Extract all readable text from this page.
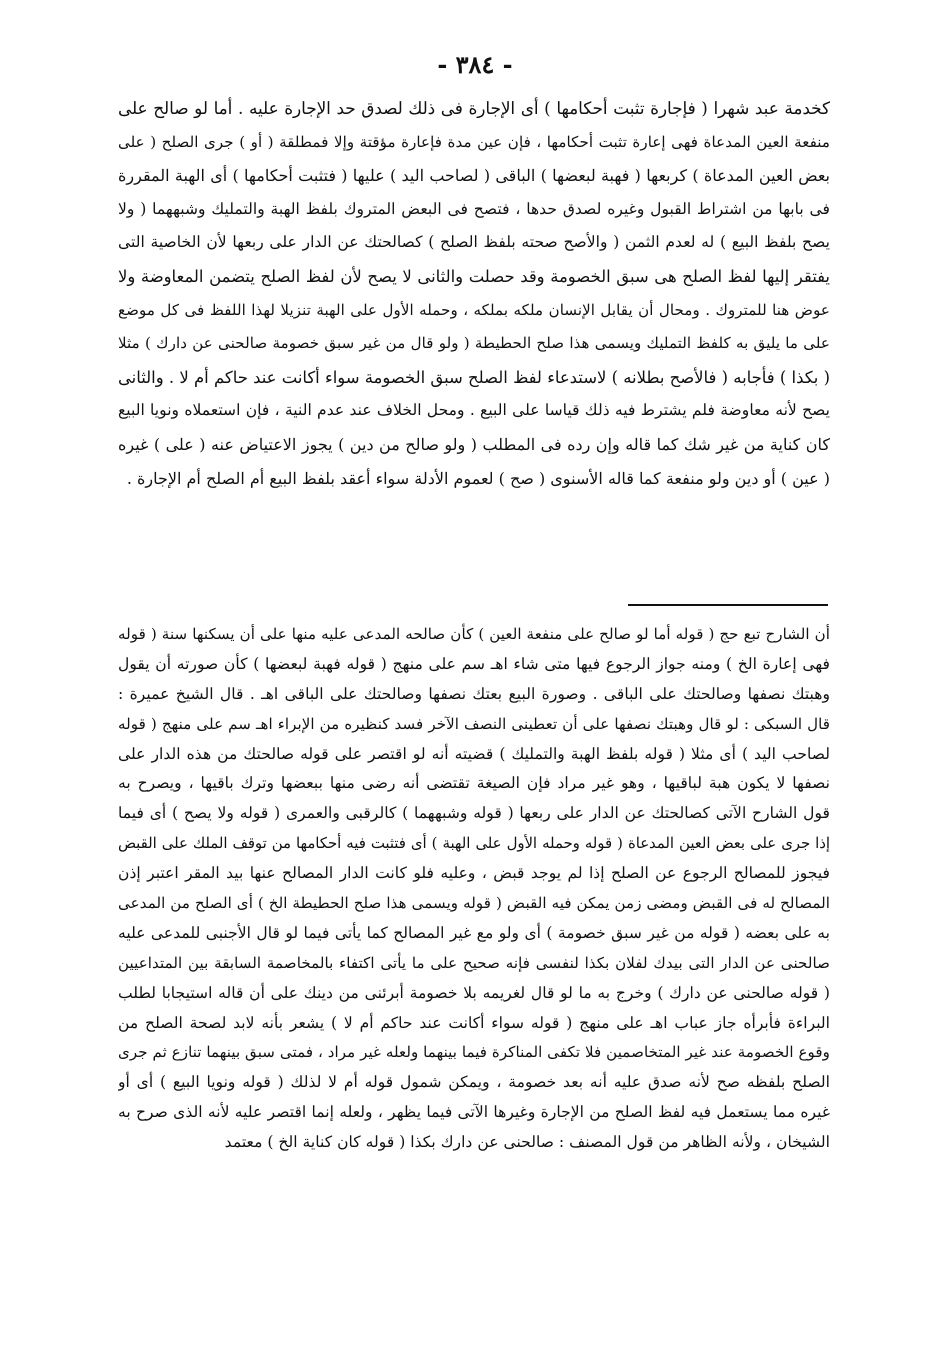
- ٣٨٤ -
كخدمة عبد شهرا ( فإجارة تثبت أحكامها ) أى الإجارة فى ذلك لصدق حد الإجارة عليه . أما لو صالح على
منفعة العين المدعاة فهى إعارة تثبت أحكامها ، فإن عين مدة فإعارة مؤقتة وإلا فمطلقة ( أو ) جرى الصلح ( على
بعض العين المدعاة ) كربعها ( فهبة لبعضها ) الباقى ( لصاحب اليد ) عليها ( فتثبت أحكامها ) أى الهبة المقررة
فى بابها من اشتراط القبول وغيره لصدق حدها ، فتصح فى البعض المتروك بلفظ الهبة والتمليك وشبههما ( ولا
يصح بلفظ البيع ) له لعدم الثمن ( والأصح صحته بلفظ الصلح ) كصالحتك عن الدار على ربعها لأن الخاصية التى
يفتقر إليها لفظ الصلح هى سبق الخصومة وقد حصلت والثانى لا يصح لأن لفظ الصلح يتضمن المعاوضة ولا
عوض هنا للمتروك . ومحال أن يقابل الإنسان ملكه بملكه ، وحمله الأول على الهبة تنزيلا لهذا اللفظ فى كل موضع
على ما يليق به كلفظ التمليك ويسمى هذا صلح الحطيطة ( ولو قال من غير سبق خصومة صالحنى عن دارك ) مثلا
( بكذا ) فأجابه ( فالأصح بطلانه ) لاستدعاء لفظ الصلح سبق الخصومة سواء أكانت عند حاكم أم لا . والثانى
يصح لأنه معاوضة فلم يشترط فيه ذلك قياسا على البيع . ومحل الخلاف عند عدم النية ، فإن استعملاه ونويا البيع
كان كناية من غير شك كما قاله وإن رده فى المطلب ( ولو صالح من دين ) يجوز الاعتياض عنه ( على ) غيره
( عين ) أو دين ولو منفعة كما قاله الأسنوى ( صح ) لعموم الأدلة سواء أعقد بلفظ البيع أم الصلح أم الإجارة .
أن الشارح تبع حج ( قوله أما لو صالح على منفعة العين ) كأن صالحه المدعى عليه منها على أن يسكنها سنة ( قوله
فهى إعارة الخ ) ومنه جواز الرجوع فيها متى شاء اهـ سم على منهج ( قوله فهبة لبعضها ) كأن صورته أن يقول
وهبتك نصفها وصالحتك على الباقى . وصورة البيع بعتك نصفها وصالحتك على الباقى اهـ . قال الشيخ عميرة :
قال السبكى : لو قال وهبتك نصفها على أن تعطينى النصف الآخر فسد كنظيره من الإبراء اهـ سم على منهج ( قوله
لصاحب اليد ) أى مثلا ( قوله بلفظ الهبة والتمليك ) قضيته أنه لو اقتصر على قوله صالحتك من هذه الدار على
نصفها لا يكون هبة لباقيها ، وهو غير مراد فإن الصيغة تقتضى أنه رضى منها ببعضها وترك باقيها ، ويصرح به
قول الشارح الآتى كصالحتك عن الدار على ربعها ( قوله وشبههما ) كالرقبى والعمرى ( قوله ولا يصح ) أى فيما
إذا جرى على بعض العين المدعاة ( قوله وحمله الأول على الهبة ) أى فتثبت فيه أحكامها من توقف الملك على القبض
فيجوز للمصالح الرجوع عن الصلح إذا لم يوجد قبض ، وعليه فلو كانت الدار المصالح عنها بيد المقر اعتبر إذن
المصالح له فى القبض ومضى زمن يمكن فيه القبض ( قوله ويسمى هذا صلح الحطيطة الخ ) أى الصلح من المدعى
به على بعضه ( قوله من غير سبق خصومة ) أى ولو مع غير المصالح كما يأتى فيما لو قال الأجنبى للمدعى عليه
صالحنى عن الدار التى بيدك لفلان بكذا لنفسى فإنه صحيح على ما يأتى اكتفاء بالمخاصمة السابقة بين المتداعيين
( قوله صالحنى عن دارك ) وخرج به ما لو قال لغريمه بلا خصومة أبرئنى من دينك على أن قاله استيجابا لطلب
البراءة فأبرأه جاز عباب اهـ على منهج ( قوله سواء أكانت عند حاكم أم لا ) يشعر بأنه لابد لصحة الصلح من
وقوع الخصومة عند غير المتخاصمين فلا تكفى المناكرة فيما بينهما ولعله غير مراد ، فمتى سبق بينهما تنازع ثم جرى
الصلح بلفظه صح لأنه صدق عليه أنه بعد خصومة ، ويمكن شمول قوله أم لا لذلك ( قوله ونويا البيع ) أى أو
غيره مما يستعمل فيه لفظ الصلح من الإجارة وغيرها الآتى فيما يظهر ، ولعله إنما اقتصر عليه لأنه الذى صرح به
الشيخان ، ولأنه الظاهر من قول المصنف : صالحنى عن دارك بكذا ( قوله كان كناية الخ ) معتمد
